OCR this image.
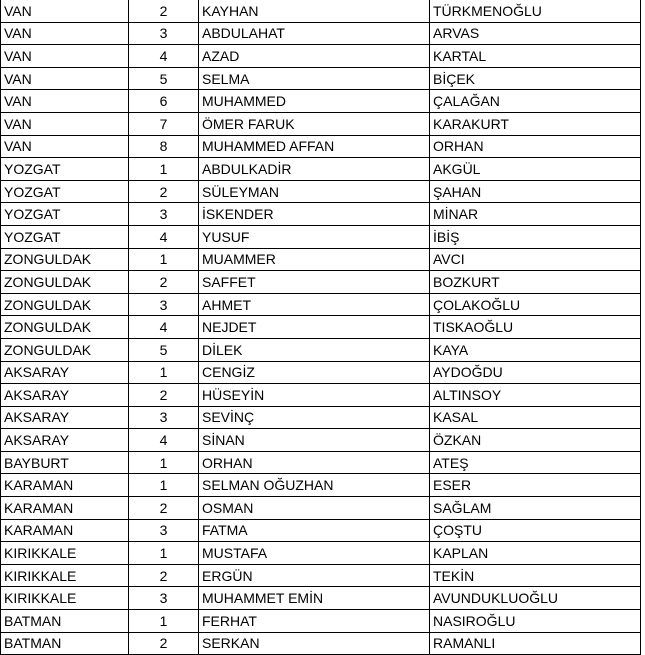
VAN	2	KAYHAN	TÜRKMENOĞLU
VAN	3	ABDULAHAT	ARVAS
VAN	4	AZAD	KARTAL
VAN	5	SELMA	BİÇEK
VAN	6	MUHAMMED	ÇALAĞAN
VAN	7	ÖMER FARUK	KARAKURT
VAN	8	MUHAMMED AFFAN	ORHAN
YOZGAT	1	ABDULKADİR	AKGÜL
YOZGAT	2	SÜLEYMAN	ŞAHAN
YOZGAT	3	İSKENDER	MİNAR
YOZGAT	4	YUSUF	İBİŞ
ZONGULDAK	1	MUAMMER	AVCI
ZONGULDAK	2	SAFFET	BOZKURT
ZONGULDAK	3	AHMET	ÇOLAKOĞLU
ZONGULDAK	4	NEJDET	TISKAOĞLU
ZONGULDAK	5	DİLEK	KAYA
AKSARAY	1	CENGİZ	AYDOĞDU
AKSARAY	2	HÜSEYİN	ALTINSOY
AKSARAY	3	SEVİNÇ	KASAL
AKSARAY	4	SİNAN	ÖZKAN
BAYBURT	1	ORHAN	ATEŞ
KARAMAN	1	SELMAN OĞUZHAN	ESER
KARAMAN	2	OSMAN	SAĞLAM
KARAMAN	3	FATMA	ÇOŞTU
KIRIKKALE	1	MUSTAFA	KAPLAN
KIRIKKALE	2	ERGÜN	TEKİN
KIRIKKALE	3	MUHAMMET EMİN	AVUNDUKLUOĞLU
BATMAN	1	FERHAT	NASIROĞLU
BATMAN	2	SERKAN	RAMANLI
